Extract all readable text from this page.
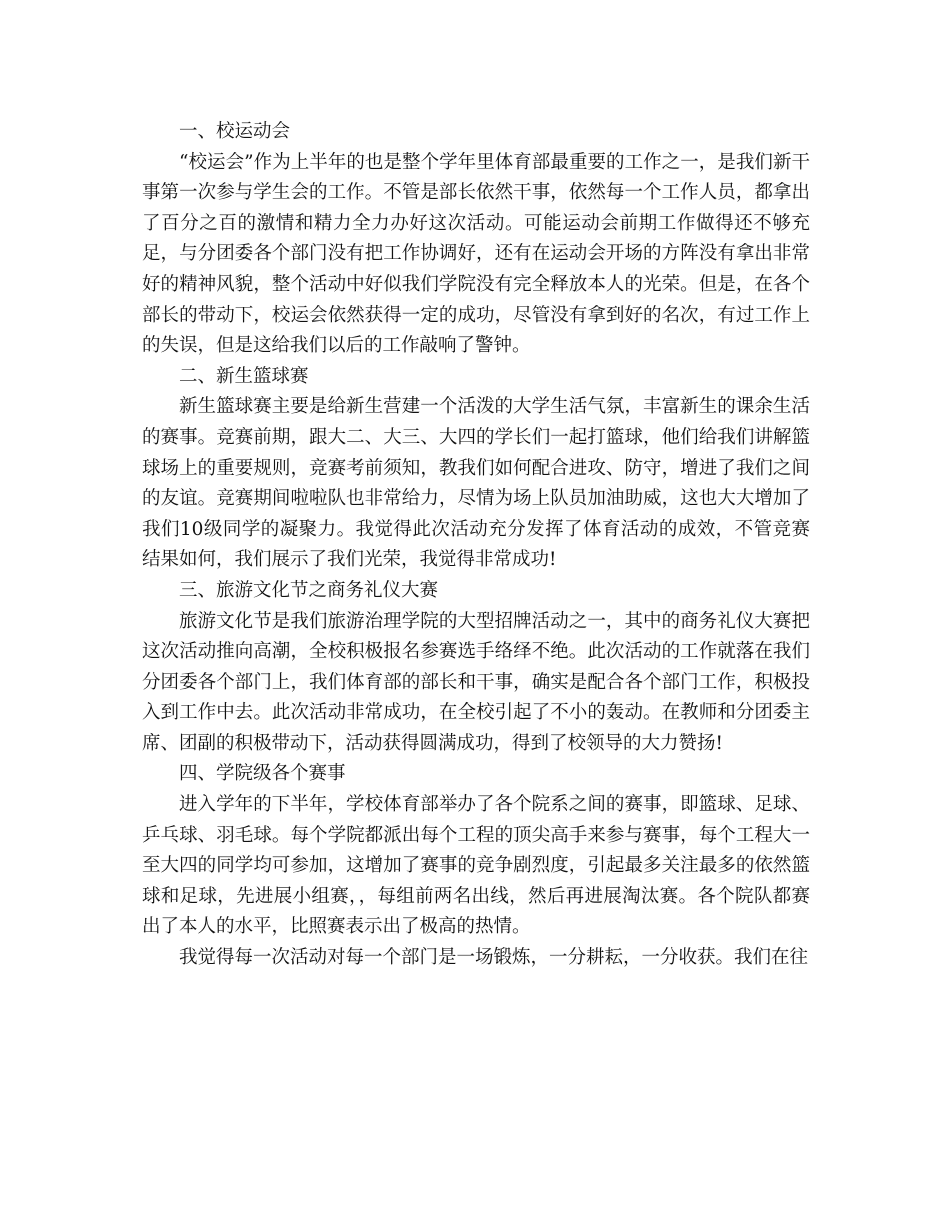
一、校运动会

“校运会”作为上半年的也是整个学年里体育部最重要的工作之一，是我们新干事第一次参与学生会的工作。不管是部长依然干事，依然每一个工作人员，都拿出了百分之百的激情和精力全力办好这次活动。可能运动会前期工作做得还不够充足，与分团委各个部门没有把工作协调好，还有在运动会开场的方阵没有拿出非常好的精神风貌，整个活动中好似我们学院没有完全释放本人的光荣。但是，在各个部长的带动下，校运会依然获得一定的成功，尽管没有拿到好的名次，有过工作上的失误，但是这给我们以后的工作敲响了警钟。

二、新生篮球赛

新生篮球赛主要是给新生营建一个活泼的大学生活气氛，丰富新生的课余生活的赛事。竞赛前期，跟大二、大三、大四的学长们一起打篮球，他们给我们讲解篮球场上的重要规则，竞赛考前须知，教我们如何配合进攻、防守，增进了我们之间的友谊。竞赛期间啦啦队也非常给力，尽情为场上队员加油助威，这也大大增加了我们10级同学的凝聚力。我觉得此次活动充分发挥了体育活动的成效，不管竞赛结果如何，我们展示了我们光荣，我觉得非常成功!

三、旅游文化节之商务礼仪大赛

旅游文化节是我们旅游治理学院的大型招牌活动之一，其中的商务礼仪大赛把这次活动推向高潮，全校积极报名参赛选手络绎不绝。此次活动的工作就落在我们分团委各个部门上，我们体育部的部长和干事，确实是配合各个部门工作，积极投入到工作中去。此次活动非常成功，在全校引起了不小的轰动。在教师和分团委主席、团副的积极带动下，活动获得圆满成功，得到了校领导的大力赞扬!

四、学院级各个赛事

进入学年的下半年，学校体育部举办了各个院系之间的赛事，即篮球、足球、乒乓球、羽毛球。每个学院都派出每个工程的顶尖高手来参与赛事，每个工程大一至大四的同学均可参加，这增加了赛事的竞争剧烈度，引起最多关注最多的依然篮球和足球，先进展小组赛，，每组前两名出线，然后再进展淘汰赛。各个院队都赛出了本人的水平，比照赛表示出了极高的热情。

我觉得每一次活动对每一个部门是一场锻炼，一分耕耘，一分收获。我们在往
